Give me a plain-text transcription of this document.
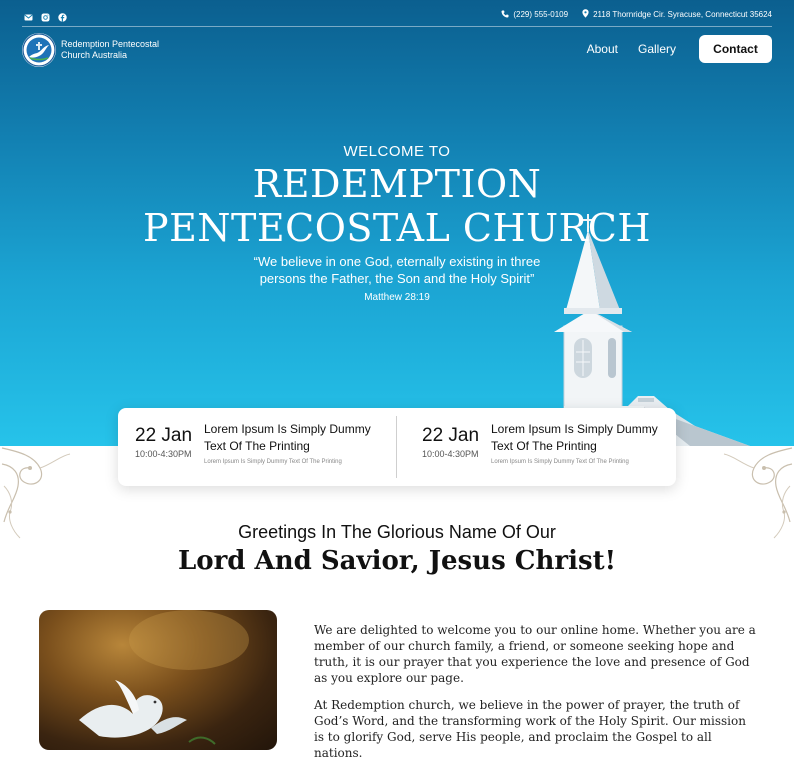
(229) 555-0109	2118 Thornridge Cir. Syracuse, Connecticut 35624
Redemption Pentecostal
Church Australia	About Gallery	Contact
WELCOME TO
REDEMPTION
PENTECOSTAL CHURCH
“We believe in one God, eternally existing in three persons the Father, the Son and the Holy Spirit”
Matthew 28:19
22 Jan
10:00-4:30PM
Lorem Ipsum Is Simply Dummy Text Of The Printing
Lorem Ipsum Is Simply Dummy Text Of The Printing
22 Jan
10:00-4:30PM
Lorem Ipsum Is Simply Dummy Text Of The Printing
Lorem Ipsum Is Simply Dummy Text Of The Printing
Greetings In The Glorious Name Of Our
Lord And Savior, Jesus Christ!

We are delighted to welcome you to our online home. Whether you are a member of our church family, a friend, or someone seeking hope and truth, it is our prayer that you experience the love and presence of God as you explore our page.

At Redemption church, we believe in the power of prayer, the truth of God’s Word, and the transforming work of the Holy Spirit. Our mission is to glorify God, serve His people, and proclaim the Gospel to all nations.
